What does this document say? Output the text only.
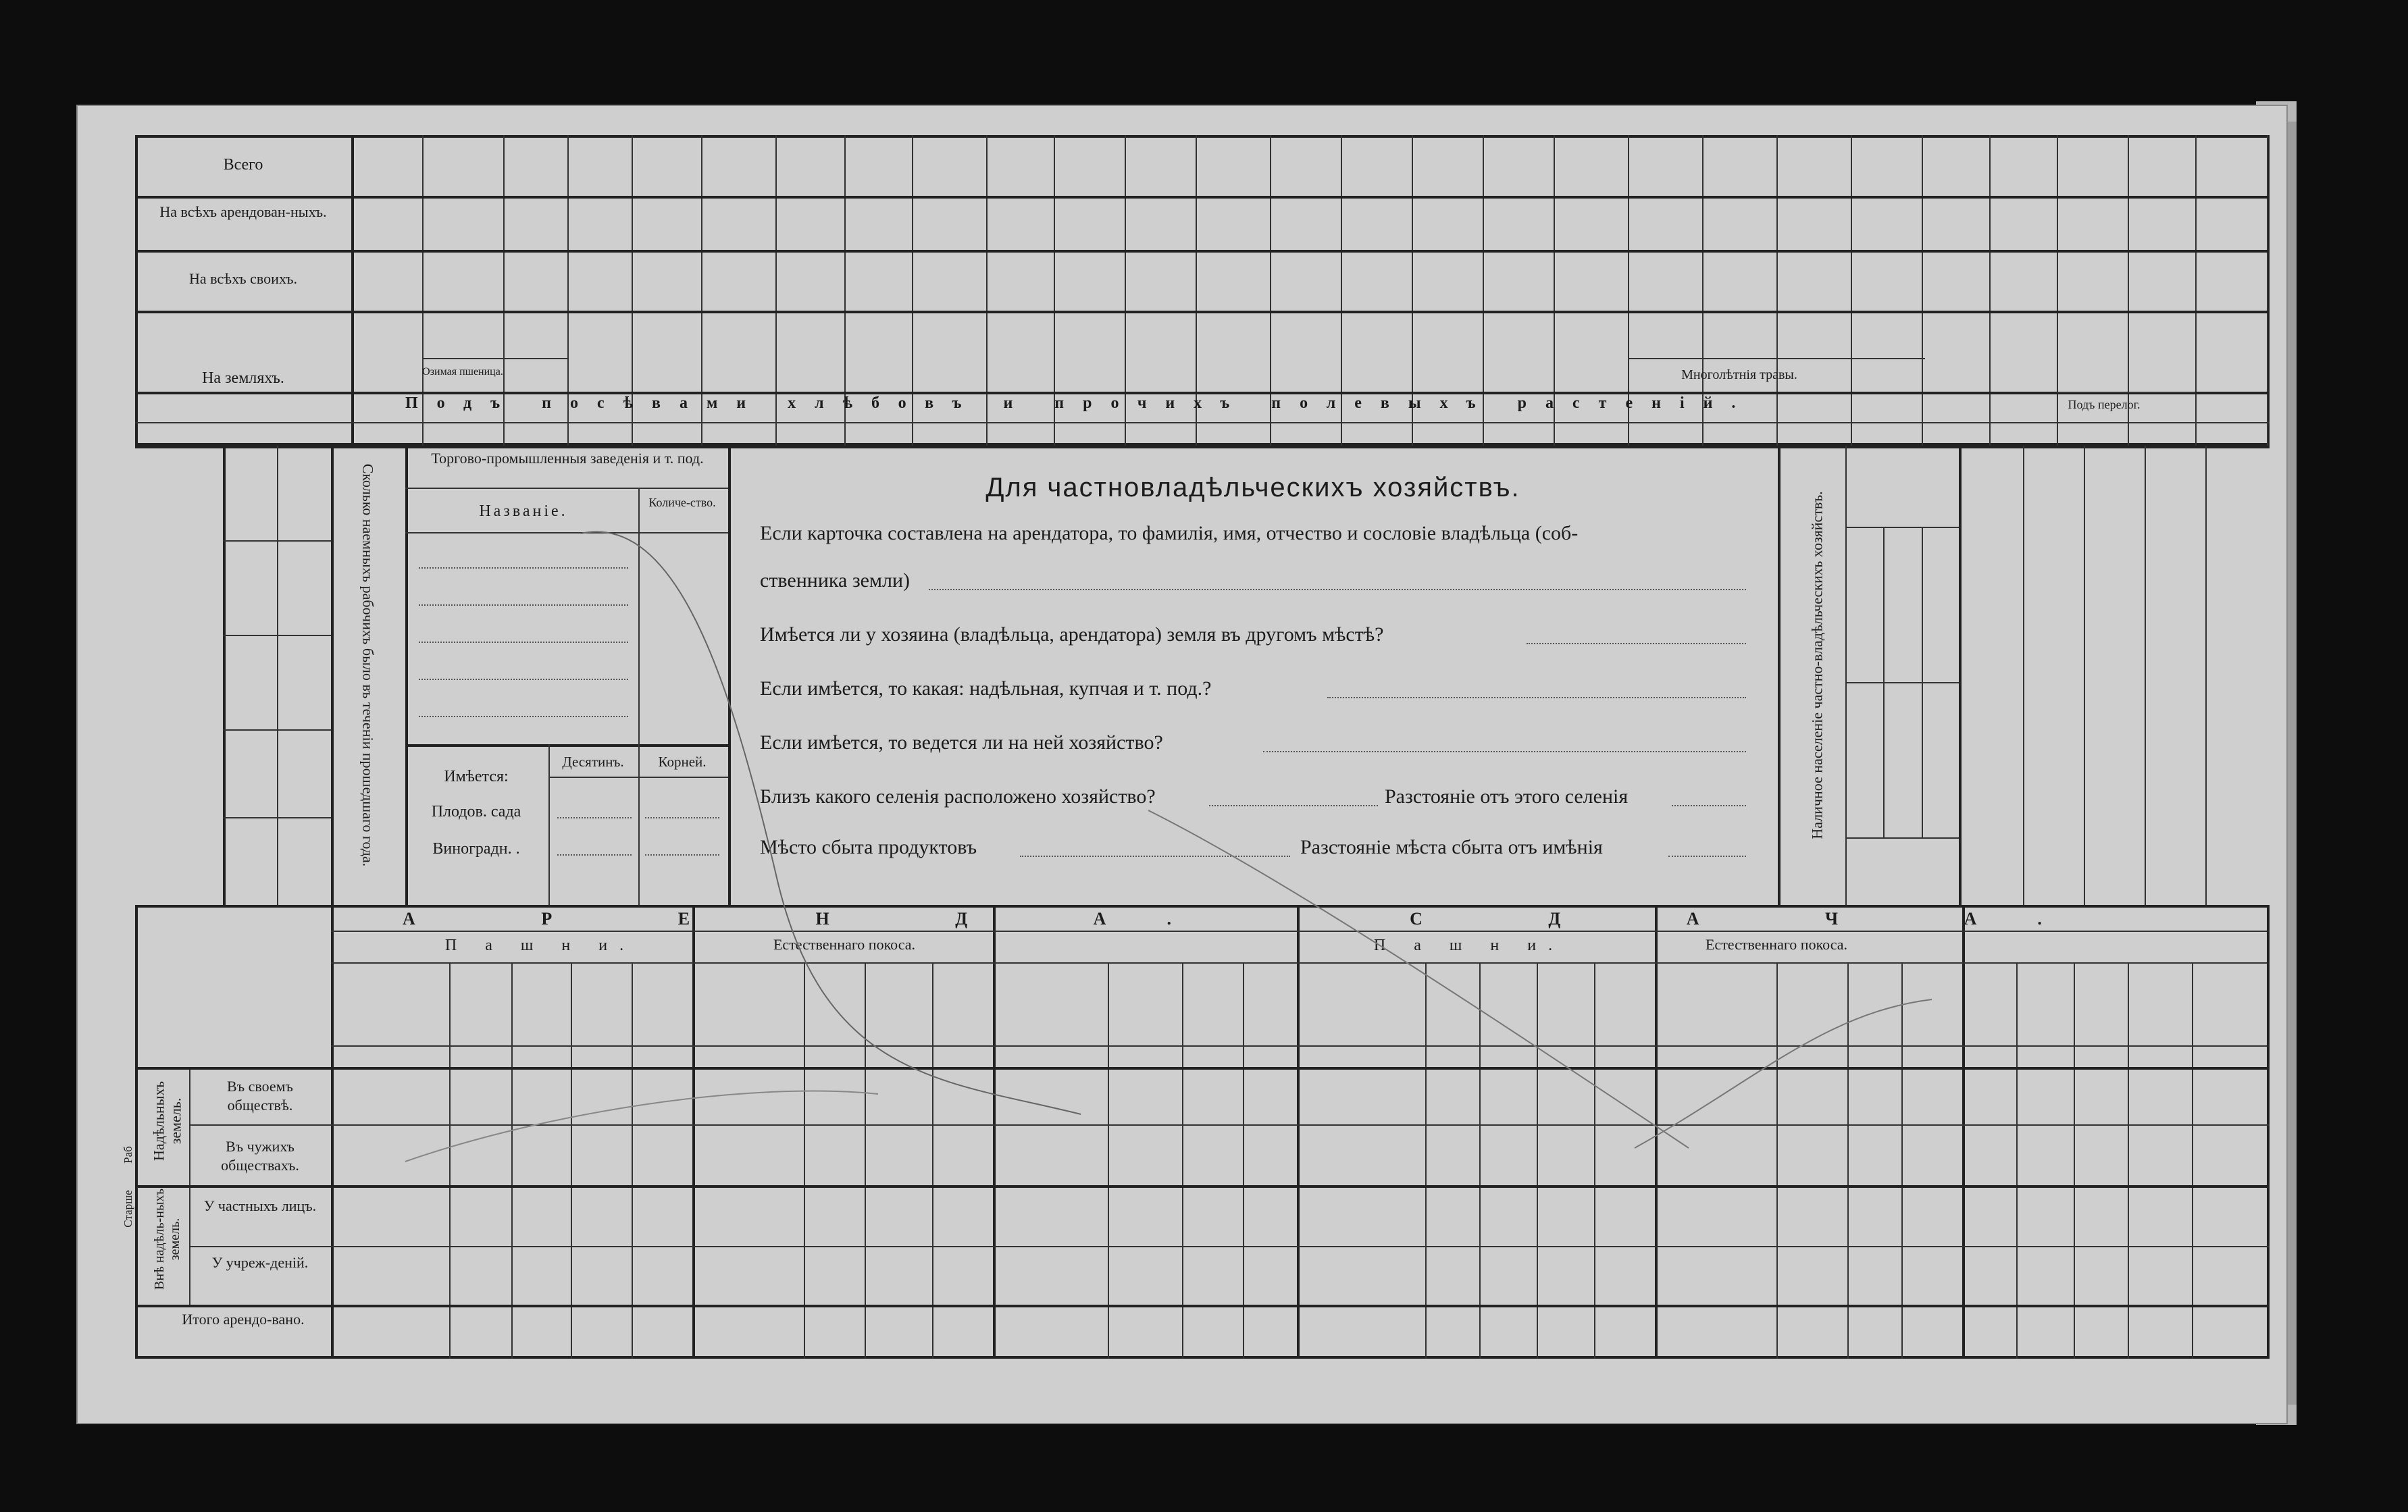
Всего
На всѣхъ арендован-ныхъ.
На всѣхъ своихъ.
На земляхъ.
Подъ посѣвами хлѣбовъ и прочихъ полевыхъ растеній.
Озимая пшеница.	Многолѣтнія травы.
Подъ перелог.
Сколько наемныхъ рабочихъ было въ теченіи прошедшаго года.
Торгово-промышленныя заведенія и т. под.
Названіе.	Количе-ство.
Имѣется:
Десятинъ. Корней.
Плодов. сада
Виноградн. .
Для частновладѣльческихъ хозяйствъ.
Если карточка составлена на арендатора, то фамилія, имя, отчество и сословіе владѣльца (соб-
ственника земли)
Имѣется ли у хозяина (владѣльца, арендатора) земля въ другомъ мѣстѣ?
Если имѣется, то какая: надѣльная, купчая и т. под.?
Если имѣется, то ведется ли на ней хозяйство?
Близъ какого селенія расположено хозяйство?	Разстояніе отъ этого селенія
Мѣсто сбыта продуктовъ	Разстояніе мѣста сбыта отъ имѣнія
Наличное населеніе частно-владѣльческихъ хозяйствъ.
А Р Е Н Д А.	С Д А Ч А.
П а ш н и.	Естественнаго покоса.	П а ш н и.	Естественнаго покоса.
Надѣльныхъ земель.
Внѣ надѣль-ныхъ земель.
Въ своемъ обществѣ.
Въ чужихъ обществахъ.
У частныхъ лицъ.
У учреж-деній.
Итого арендо-вано.
Старше
Раб
